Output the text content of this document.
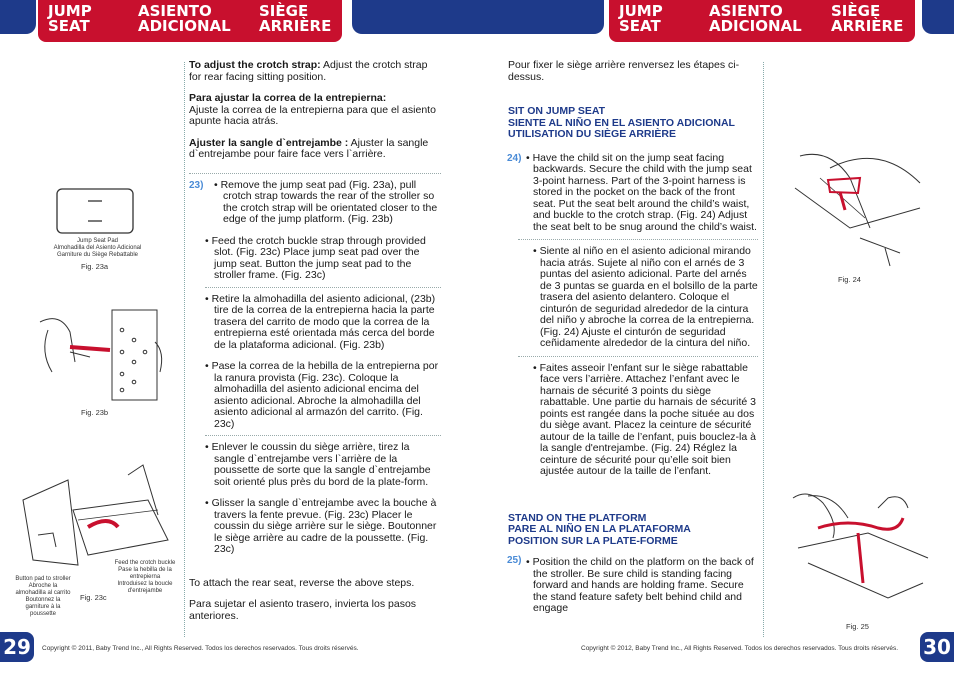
JUMP
SEAT
ASIENTO
ADICIONAL
SIÈGE
ARRIÈRE
JUMP
SEAT
ASIENTO
ADICIONAL
SIÈGE
ARRIÈRE

To adjust the crotch strap: Adjust the crotch strap for rear facing sitting position.

Para ajustar la correa de la entrepierna:
Ajuste la correa de la entrepierna para que el asiento apunte hacia atrás.

Ajuster la sangle d`entrejambe : Ajuster la sangle d`entrejambe pour faire face vers l`arrière.

23) • Remove the jump seat pad (Fig. 23a), pull crotch strap towards the rear of the stroller so the crotch strap will be orientated closer to the edge of the jump platform. (Fig. 23b)

• Feed the crotch buckle strap through provided slot. (Fig. 23c) Place jump seat pad over the jump seat. Button the jump seat pad to the stroller frame. (Fig. 23c)

• Retire la almohadilla del asiento adicional, (23b) tire de la correa de la entrepierna hacia la parte trasera del carrito de modo que la correa de la entrepierna esté orientada más cerca del borde de la plataforma adicional. (Fig. 23b)

• Pase la correa de la hebilla de la entrepierna por la ranura provista (Fig. 23c). Coloque la almohadilla del asiento adicional encima del asiento adicional. Abroche la almohadilla del asiento adicional al armazón del carrito. (Fig. 23c)

• Enlever le coussin du siège arrière, tirez la sangle d`entrejambe vers l`arrière de la poussette de sorte que la sangle d`entrejambe soit orienté plus près du bord de la plate-form.

• Glisser la sangle d`entrejambe avec la bouche à travers la fente prevue. (Fig. 23c) Placer le coussin du siège arrière sur le siège. Boutonner le siège arrière au cadre de la poussette. (Fig. 23c)

To attach the rear seat, reverse the above steps.

Para sujetar el asiento trasero, invierta los pasos anteriores.

Jump Seat Pad
Almohadilla del Asiento Adicional
Garniture du Siège Rebattable
Fig. 23a
Fig. 23b
Feed the crotch buckle
Pase la hebilla de la
entrepierna
Introduisez la boucle
d'entrejambe
Button pad to stroller
Abroche la
almohadilla al carrito
Boutonnez la
garniture à la
poussette
Fig. 23c

Pour fixer le siège arrière renversez les étapes ci-dessus.

SIT ON JUMP SEAT

SIENTE AL NIÑO EN EL ASIENTO ADICIONAL

UTILISATION DU SIÈGE ARRIÈRE

24) • Have the child sit on the jump seat facing backwards. Secure the child with the jump seat 3-point harness. Part of the 3-point harness is stored in the pocket on the back of the front seat. Put the seat belt around the child’s waist, and buckle to the crotch strap. (Fig. 24) Adjust the seat belt to be snug around the child’s waist.

• Siente al niño en el asiento adicional mirando hacia atrás. Sujete al niño con el arnés de 3 puntas del asiento adicional. Parte del arnés de 3 puntas se guarda en el bolsillo de la parte trasera del asiento delantero. Coloque el cinturón de seguridad alrededor de la cintura del niño y abroche la correa de la entrepierna. (Fig. 24) Ajuste el cinturón de seguridad ceñidamente alrededor de la cintura del niño.

• Faites asseoir l’enfant sur le siège rabattable face vers l’arrière. Attachez l’enfant avec le harnais de sécurité 3 points du siège rabattable. Une partie du harnais de sécurité 3 points est rangée dans la poche située au dos du siège avant. Placez la ceinture de sécurité autour de la taille de l’enfant, puis bouclez-la à la sangle d'entrejambe. (Fig. 24) Réglez la ceinture de sécurité pour qu’elle soit bien ajustée autour de la taille de l’enfant.

STAND ON THE PLATFORM

PARE AL NIÑO EN LA PLATAFORMA

POSITION SUR LA PLATE-FORME

25) • Position the child on the platform on the back of the stroller. Be sure child is standing facing forward and hands are holding frame. Secure the stand feature safety belt behind child and engage

Fig. 24
Fig. 25
29	Copyright © 2011, Baby Trend Inc., All Rights Reserved. Todos los derechos reservados. Tous droits réservés.	Copyright © 2012, Baby Trend Inc., All Rights Reserved. Todos los derechos reservados. Tous droits réservés. 30
